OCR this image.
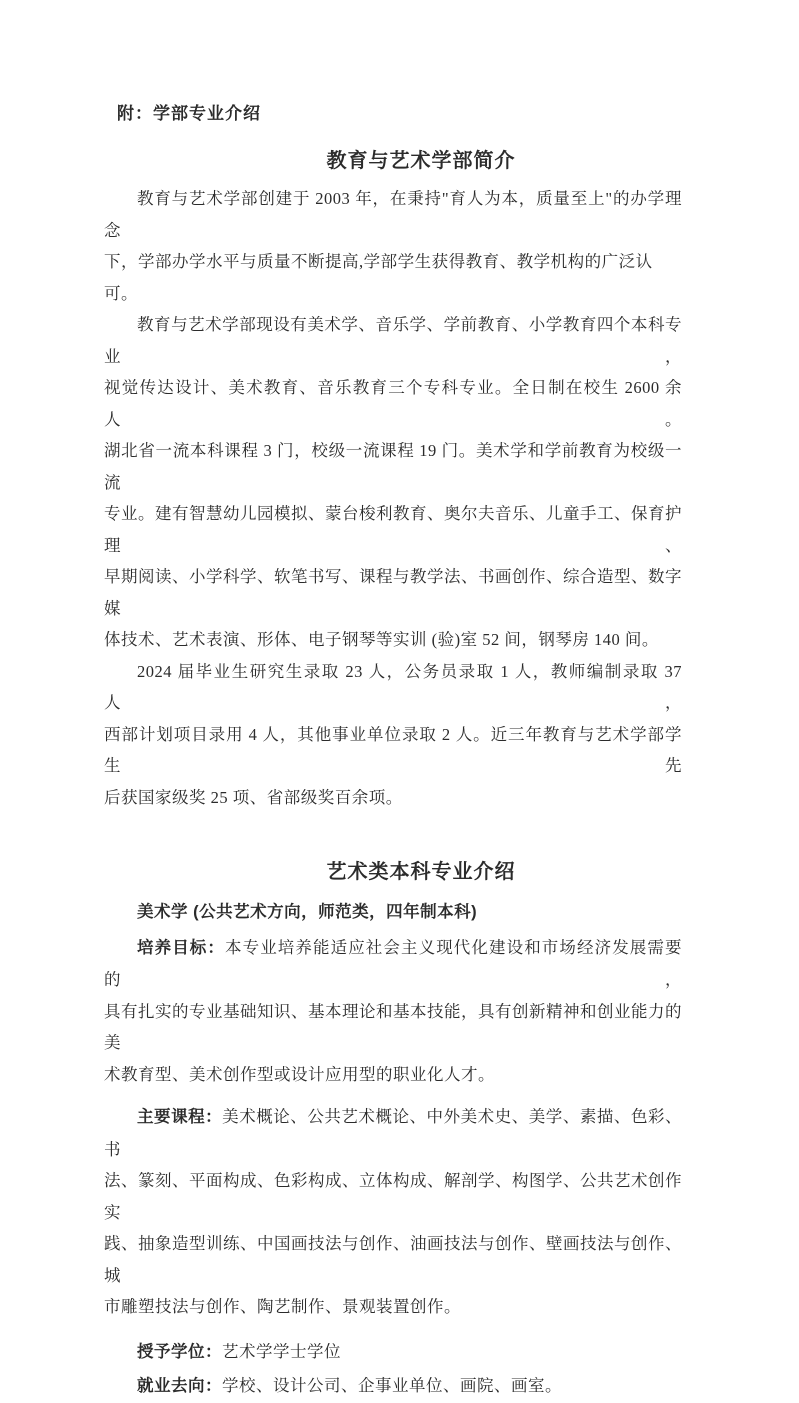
附：学部专业介绍
教育与艺术学部简介
教育与艺术学部创建于 2003 年，在秉持"育人为本，质量至上"的办学理念
下，学部办学水平与质量不断提高,学部学生获得教育、教学机构的广泛认可。
教育与艺术学部现设有美术学、音乐学、学前教育、小学教育四个本科专业，
视觉传达设计、美术教育、音乐教育三个专科专业。全日制在校生 2600 余人。
湖北省一流本科课程 3 门，校级一流课程 19 门。美术学和学前教育为校级一流
专业。建有智慧幼儿园模拟、蒙台梭利教育、奥尔夫音乐、儿童手工、保育护理、
早期阅读、小学科学、软笔书写、课程与教学法、书画创作、综合造型、数字媒
体技术、艺术表演、形体、电子钢琴等实训 (验)室 52 间，钢琴房 140 间。
2024 届毕业生研究生录取 23 人，公务员录取 1 人，教师编制录取 37 人，
西部计划项目录用 4 人，其他事业单位录取 2 人。近三年教育与艺术学部学生先
后获国家级奖 25 项、省部级奖百余项。
艺术类本科专业介绍
美术学 (公共艺术方向，师范类，四年制本科)
培养目标：本专业培养能适应社会主义现代化建设和市场经济发展需要的，
具有扎实的专业基础知识、基本理论和基本技能，具有创新精神和创业能力的美
术教育型、美术创作型或设计应用型的职业化人才。
主要课程：美术概论、公共艺术概论、中外美术史、美学、素描、色彩、书
法、篆刻、平面构成、色彩构成、立体构成、解剖学、构图学、公共艺术创作实
践、抽象造型训练、中国画技法与创作、油画技法与创作、壁画技法与创作、城
市雕塑技法与创作、陶艺制作、景观装置创作。
授予学位：艺术学学士学位
就业去向：学校、设计公司、企事业单位、画院、画室。
